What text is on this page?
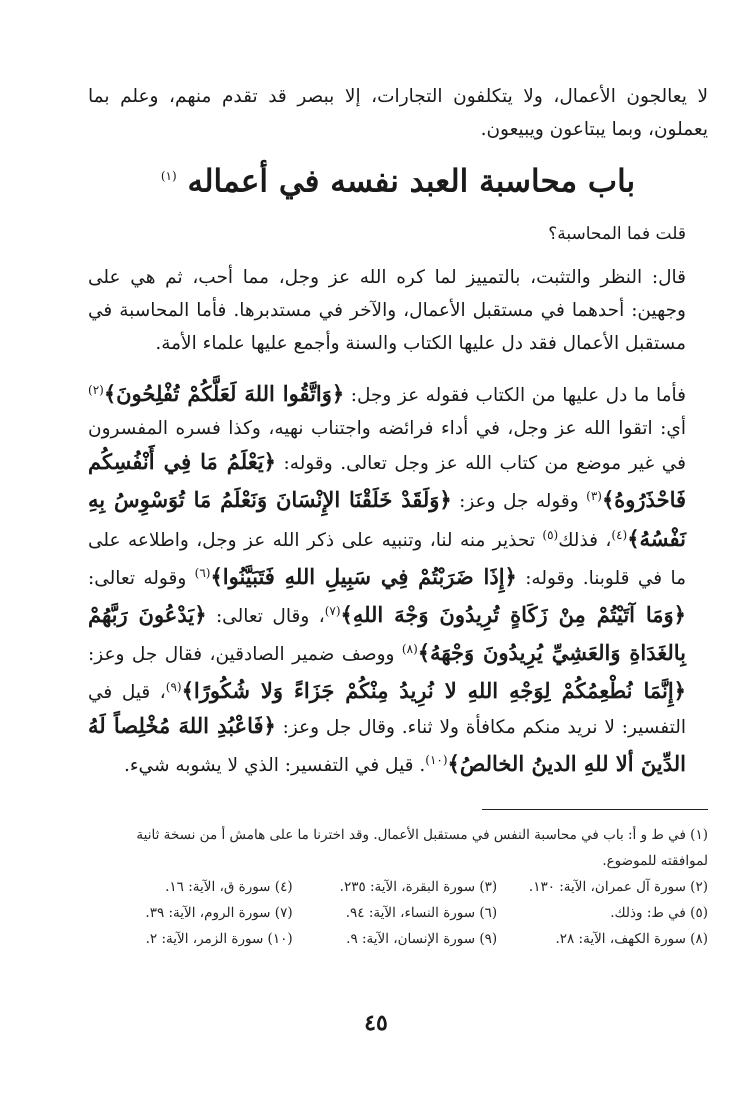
لا يعالجون الأعمال، ولا يتكلفون التجارات، إلا ببصر قد تقدم منهم، وعلم بما يعملون، وبما يبتاعون ويبيعون.

باب محاسبة العبد نفسه في أعماله $^{(١)}$

قلت فما المحاسبة؟

قال: النظر والتثبت، بالتمييز لما كره الله عز وجل، مما أحب، ثم هي على وجهين: أحدهما في مستقبل الأعمال، والآخر في مستدبرها. فأما المحاسبة في مستقبل الأعمال فقد دل عليها الكتاب والسنة وأجمع عليها علماء الأمة.

فأما ما دل عليها من الكتاب فقوله عز وجل: ﴿وَاتَّقُوا اللهَ لَعَلَّكُمْ تُفْلِحُونَ﴾$^{(٢)}$ أي: اتقوا الله عز وجل، في أداء فرائضه واجتناب نهيه، وكذا فسره المفسرون في غير موضع من كتاب الله عز وجل تعالى. وقوله: ﴿يَعْلَمُ مَا فِي أَنْفُسِكُم فَاحْذَرُوهُ﴾$^{(٣)}$ وقوله جل وعز: ﴿وَلَقَدْ خَلَقْنَا الإِنْسَانَ وَنَعْلَمُ مَا تُوَسْوِسُ بِهِ نَفْسُهُ﴾$^{(٤)}$، فذلك$^{(٥)}$ تحذير منه لنا، وتنبيه على ذكر الله عز وجل، واطلاعه على ما في قلوبنا. وقوله: ﴿إِذَا ضَرَبْتُمْ فِي سَبِيلِ اللهِ فَتَبَيَّنُوا﴾$^{(٦)}$ وقوله تعالى: ﴿وَمَا آتَيْتُمْ مِنْ زَكَاةٍ تُرِيدُونَ وَجْهَ اللهِ﴾$^{(٧)}$، وقال تعالى: ﴿يَدْعُونَ رَبَّهُمْ بِالغَدَاةِ وَالعَشِيِّ يُرِيدُونَ وَجْهَهُ﴾$^{(٨)}$ ووصف ضمير الصادقين، فقال جل وعز: ﴿إِنَّمَا نُطْعِمُكُمْ لِوَجْهِ اللهِ لا نُرِيدُ مِنْكُمْ جَزَاءً وَلا شُكُورًا﴾$^{(٩)}$، قيل في التفسير: لا نريد منكم مكافأة ولا ثناء. وقال جل وعز: ﴿فَاعْبُدِ اللهَ مُخْلِصاً لَهُ الدِّينَ ألا للهِ الدينُ الخالصُ﴾$^{(١٠)}$. قيل في التفسير: الذي لا يشوبه شيء.

(١) في ط و أ: باب في محاسبة النفس في مستقبل الأعمال. وقد اخترنا ما على هامش أ من نسخة ثانية لموافقته للموضوع.

(٢) سورة آل عمران، الآية: ١٣٠.
(٣) سورة البقرة، الآية: ٢٣٥.
(٤) سورة ق، الآية: ١٦.
(٥) في ط: وذلك.
(٦) سورة النساء، الآية: ٩٤.
(٧) سورة الروم، الآية: ٣٩.
(٨) سورة الكهف، الآية: ٢٨.
(٩) سورة الإنسان، الآية: ٩.
(١٠) سورة الزمر، الآية: ٢.
٤٥
